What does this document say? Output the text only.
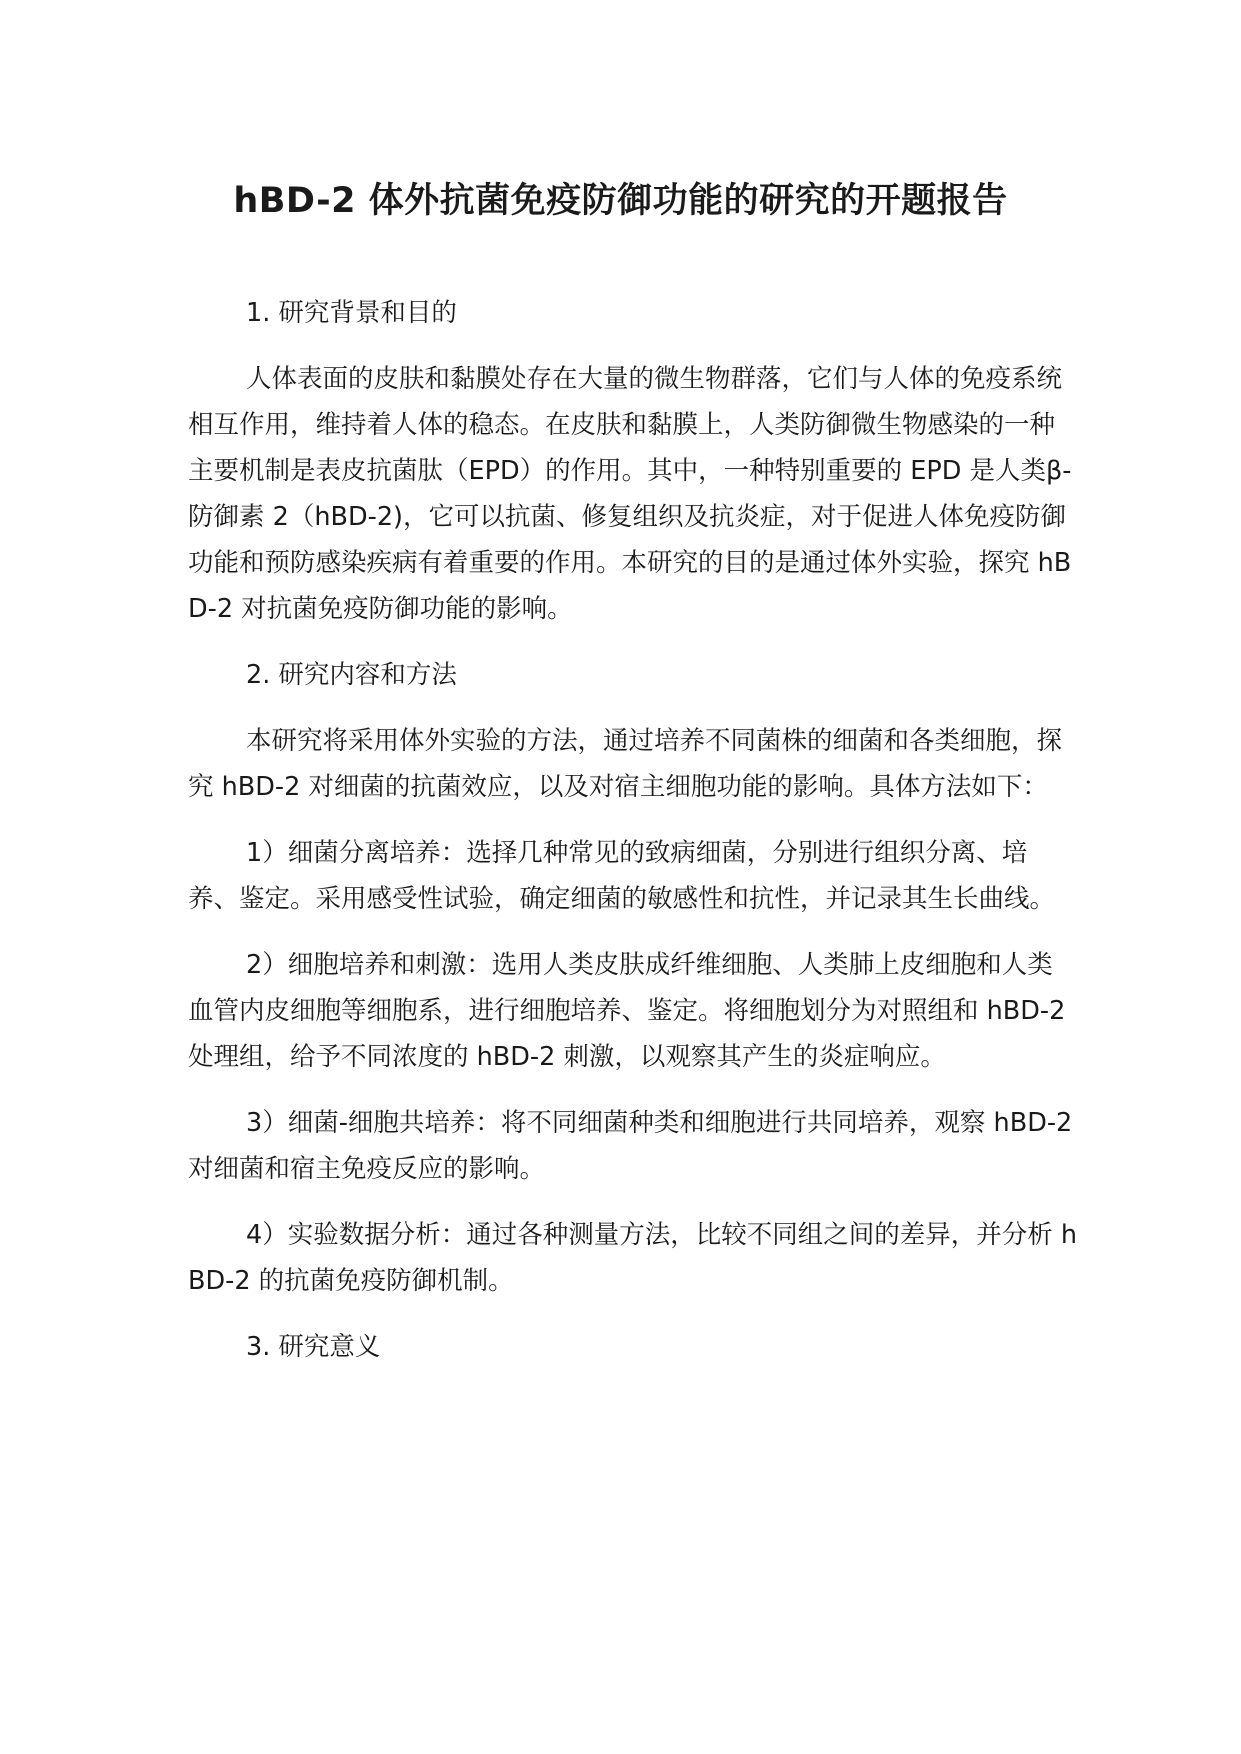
hBD-2 体外抗菌免疫防御功能的研究的开题报告

1. 研究背景和目的

人体表面的皮肤和黏膜处存在大量的微生物群落，它们与人体的免疫系统相互作用，维持着人体的稳态。在皮肤和黏膜上，人类防御微生物感染的一种主要机制是表皮抗菌肽（EPD）的作用。其中，一种特别重要的 EPD 是人类β-防御素 2（hBD-2)，它可以抗菌、修复组织及抗炎症，对于促进人体免疫防御功能和预防感染疾病有着重要的作用。本研究的目的是通过体外实验，探究 hBD-2 对抗菌免疫防御功能的影响。

2. 研究内容和方法

本研究将采用体外实验的方法，通过培养不同菌株的细菌和各类细胞，探究 hBD-2 对细菌的抗菌效应，以及对宿主细胞功能的影响。具体方法如下：

1）细菌分离培养：选择几种常见的致病细菌，分别进行组织分离、培养、鉴定。采用感受性试验，确定细菌的敏感性和抗性，并记录其生长曲线。

2）细胞培养和刺激：选用人类皮肤成纤维细胞、人类肺上皮细胞和人类血管内皮细胞等细胞系，进行细胞培养、鉴定。将细胞划分为对照组和 hBD-2 处理组，给予不同浓度的 hBD-2 刺激，以观察其产生的炎症响应。

3）细菌-细胞共培养：将不同细菌种类和细胞进行共同培养，观察 hBD-2 对细菌和宿主免疫反应的影响。

4）实验数据分析：通过各种测量方法，比较不同组之间的差异，并分析 hBD-2 的抗菌免疫防御机制。

3. 研究意义
